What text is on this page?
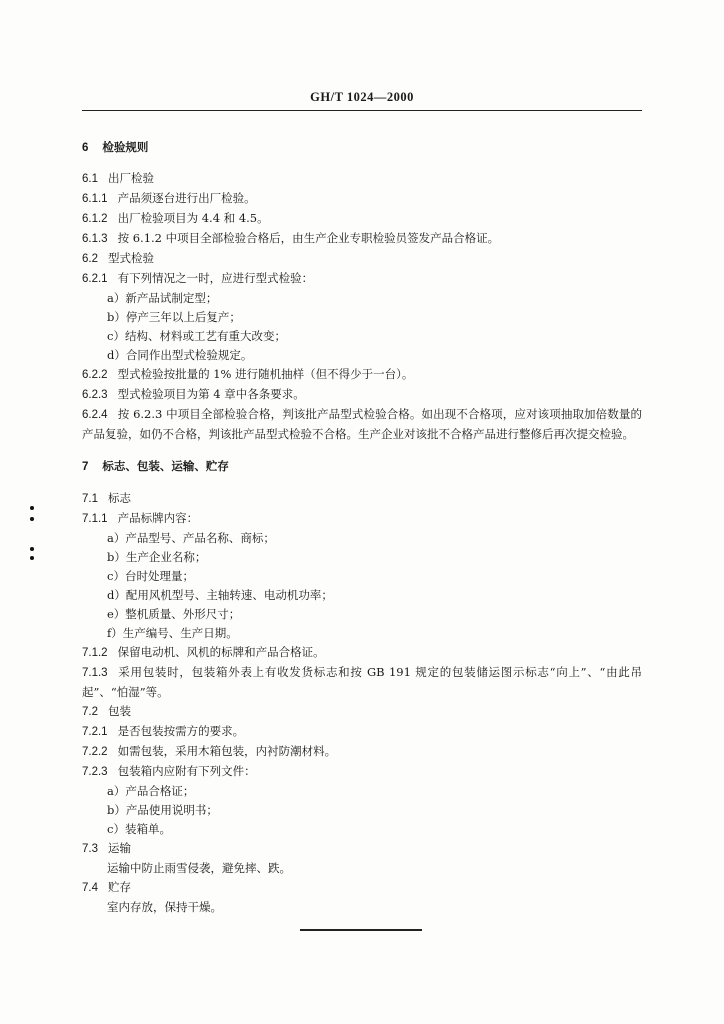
GH/T 1024—2000
6 检验规则
6.1 出厂检验
6.1.1 产品须逐台进行出厂检验。
6.1.2 出厂检验项目为 4.4 和 4.5。
6.1.3 按 6.1.2 中项目全部检验合格后，由生产企业专职检验员签发产品合格证。
6.2 型式检验
6.2.1 有下列情况之一时，应进行型式检验：
a）新产品试制定型；
b）停产三年以上后复产；
c）结构、材料或工艺有重大改变；
d）合同作出型式检验规定。
6.2.2 型式检验按批量的 1% 进行随机抽样（但不得少于一台）。
6.2.3 型式检验项目为第 4 章中各条要求。
6.2.4 按 6.2.3 中项目全部检验合格，判该批产品型式检验合格。如出现不合格项，应对该项抽取加倍数量的产品复验，如仍不合格，判该批产品型式检验不合格。生产企业对该批不合格产品进行整修后再次提交检验。
7 标志、包装、运输、贮存
7.1 标志
7.1.1 产品标牌内容：
a）产品型号、产品名称、商标；
b）生产企业名称；
c）台时处理量；
d）配用风机型号、主轴转速、电动机功率；
e）整机质量、外形尺寸；
f）生产编号、生产日期。
7.1.2 保留电动机、风机的标牌和产品合格证。
7.1.3 采用包装时，包装箱外表上有收发货标志和按 GB 191 规定的包装储运图示标志“向上”、“由此吊起”、“怕湿”等。
7.2 包装
7.2.1 是否包装按需方的要求。
7.2.2 如需包装，采用木箱包装，内衬防潮材料。
7.2.3 包装箱内应附有下列文件：
a）产品合格证；
b）产品使用说明书；
c）装箱单。
7.3 运输
运输中防止雨雪侵袭，避免摔、跌。
7.4 贮存
室内存放，保持干燥。
